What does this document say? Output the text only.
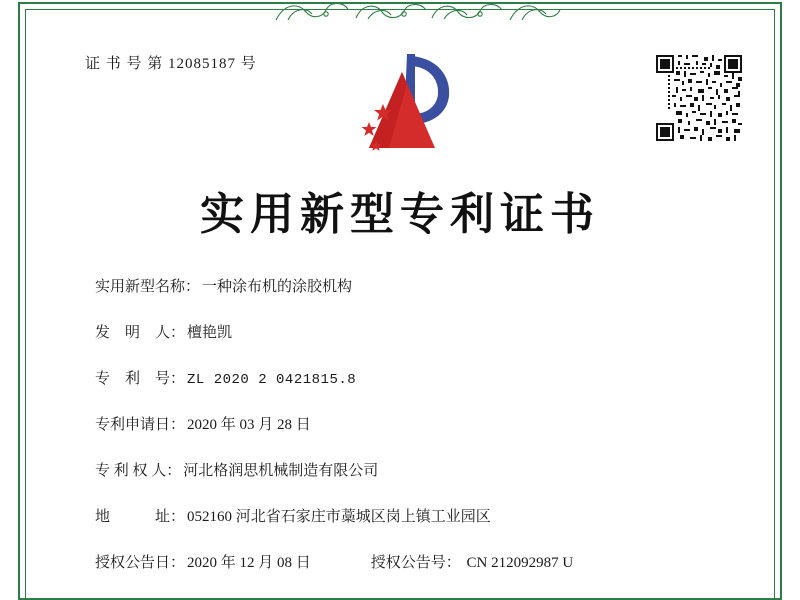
证 书 号 第 12085187 号
实用新型专利证书
实用新型名称： 一种涂布机的涂胶机构
发　明　人： 檀艳凯
专　利　号： ZL 2020 2 0421815.8
专利申请日： 2020 年 03 月 28 日
专 利 权 人： 河北格润思机械制造有限公司
地　　　址： 052160 河北省石家庄市藁城区岗上镇工业园区
授权公告日： 2020 年 12 月 08 日	授权公告号： CN 212092987 U
